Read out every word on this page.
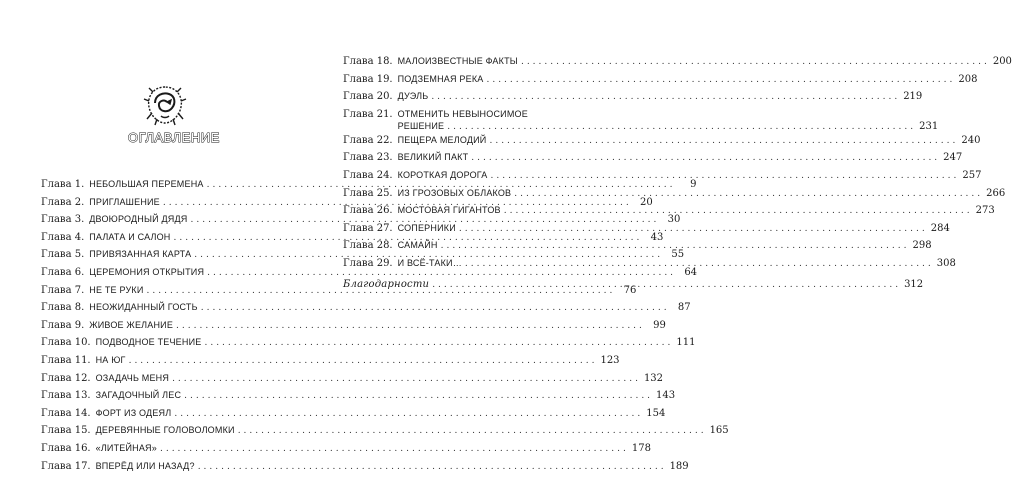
ОГЛАВЛЕНИЕ
Глава 1. НЕБОЛЬШАЯ ПЕРЕМЕНА .....	9
Глава 2. ПРИГЛАШЕНИЕ .....	20
Глава 3. ДВОЮРОДНЫЙ ДЯДЯ .....	30
Глава 4. ПАЛАТА И САЛОН .....	43
Глава 5. ПРИВЯЗАННАЯ КАРТА .....	55
Глава 6. ЦЕРЕМОНИЯ ОТКРЫТИЯ .....	64
Глава 7. НЕ ТЕ РУКИ .....	76
Глава 8. НЕОЖИДАННЫЙ ГОСТЬ .....	87
Глава 9. ЖИВОЕ ЖЕЛАНИЕ .....	99
Глава 10. ПОДВОДНОЕ ТЕЧЕНИЕ .....	111
Глава 11. НА ЮГ .....	123
Глава 12. ОЗАДАЧЬ МЕНЯ .....	132
Глава 13. ЗАГАДОЧНЫЙ ЛЕС .....	143
Глава 14. ФОРТ ИЗ ОДЕЯЛ .....	154
Глава 15. ДЕРЕВЯННЫЕ ГОЛОВОЛОМКИ .....	165
Глава 16. «ЛИТЕЙНАЯ» .....	178
Глава 17. ВПЕРЁД ИЛИ НАЗАД? .....	189
Глава 18. МАЛОИЗВЕСТНЫЕ ФАКТЫ .....	200
Глава 19. ПОДЗЕМНАЯ РЕКА .....	208
Глава 20. ДУЭЛЬ .....	219
Глава 21. ОТМЕНИТЬ НЕВЫНОСИМОЕ
РЕШЕНИЕ .....	231
Глава 22. ПЕЩЕРА МЕЛОДИЙ .....	240
Глава 23. ВЕЛИКИЙ ПАКТ .....	247
Глава 24. КОРОТКАЯ ДОРОГА .....	257
Глава 25. ИЗ ГРОЗОВЫХ ОБЛАКОВ .....	266
Глава 26. МОСТОВАЯ ГИГАНТОВ .....	273
Глава 27. СОПЕРНИКИ .....	284
Глава 28. САМАЙН .....	298
Глава 29. И ВСЁ-ТАКИ… .....	308
Благодарности .....	312
